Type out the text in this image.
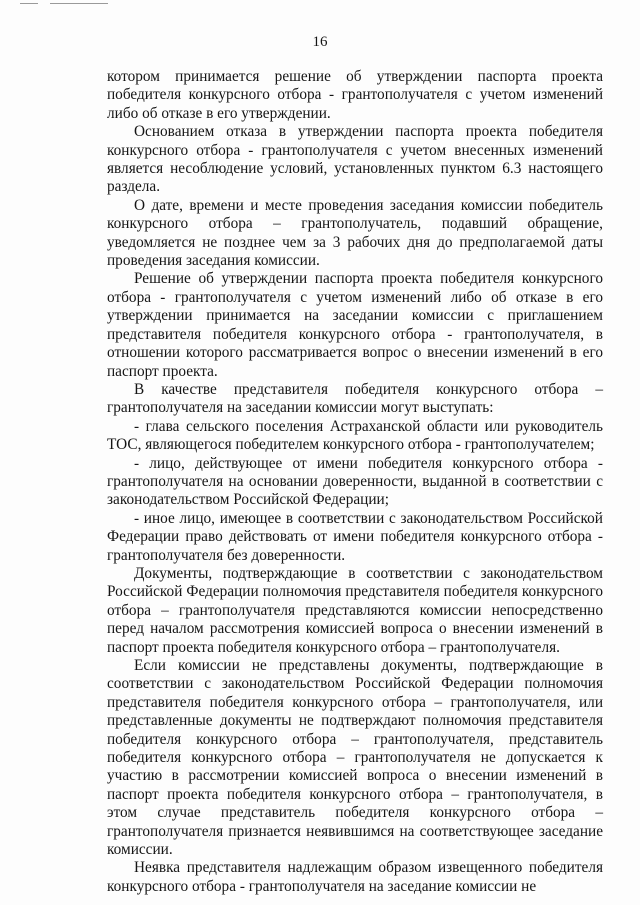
16

котором принимается решение об утверждении паспорта проекта победителя конкурсного отбора - грантополучателя с учетом изменений либо об отказе в его утверждении.

Основанием отказа в утверждении паспорта проекта победителя конкурсного отбора - грантополучателя с учетом внесенных изменений является несоблюдение условий, установленных пунктом 6.3 настоящего раздела.

О дате, времени и месте проведения заседания комиссии победитель конкурсного отбора – грантополучатель, подавший обращение, уведомляется не позднее чем за 3 рабочих дня до предполагаемой даты проведения заседания комиссии.

Решение об утверждении паспорта проекта победителя конкурсного отбора - грантополучателя с учетом изменений либо об отказе в его утверждении принимается на заседании комиссии с приглашением представителя победителя конкурсного отбора - грантополучателя, в отношении которого рассматривается вопрос о внесении изменений в его паспорт проекта.

В качестве представителя победителя конкурсного отбора – грантополучателя на заседании комиссии могут выступать:

- глава сельского поселения Астраханской области или руководитель ТОС, являющегося победителем конкурсного отбора - грантополучателем;

- лицо, действующее от имени победителя конкурсного отбора - грантополучателя на основании доверенности, выданной в соответствии с законодательством Российской Федерации;

- иное лицо, имеющее в соответствии с законодательством Российской Федерации право действовать от имени победителя конкурсного отбора - грантополучателя без доверенности.

Документы, подтверждающие в соответствии с законодательством Российской Федерации полномочия представителя победителя конкурсного отбора – грантополучателя представляются комиссии непосредственно перед началом рассмотрения комиссией вопроса о внесении изменений в паспорт проекта победителя конкурсного отбора – грантополучателя.

Если комиссии не представлены документы, подтверждающие в соответствии с законодательством Российской Федерации полномочия представителя победителя конкурсного отбора – грантополучателя, или представленные документы не подтверждают полномочия представителя победителя конкурсного отбора – грантополучателя, представитель победителя конкурсного отбора – грантополучателя не допускается к участию в рассмотрении комиссией вопроса о внесении изменений в паспорт проекта победителя конкурсного отбора – грантополучателя, в этом случае представитель победителя конкурсного отбора – грантополучателя признается неявившимся на соответствующее заседание комиссии.

Неявка представителя надлежащим образом извещенного победителя конкурсного отбора - грантополучателя на заседание комиссии не
